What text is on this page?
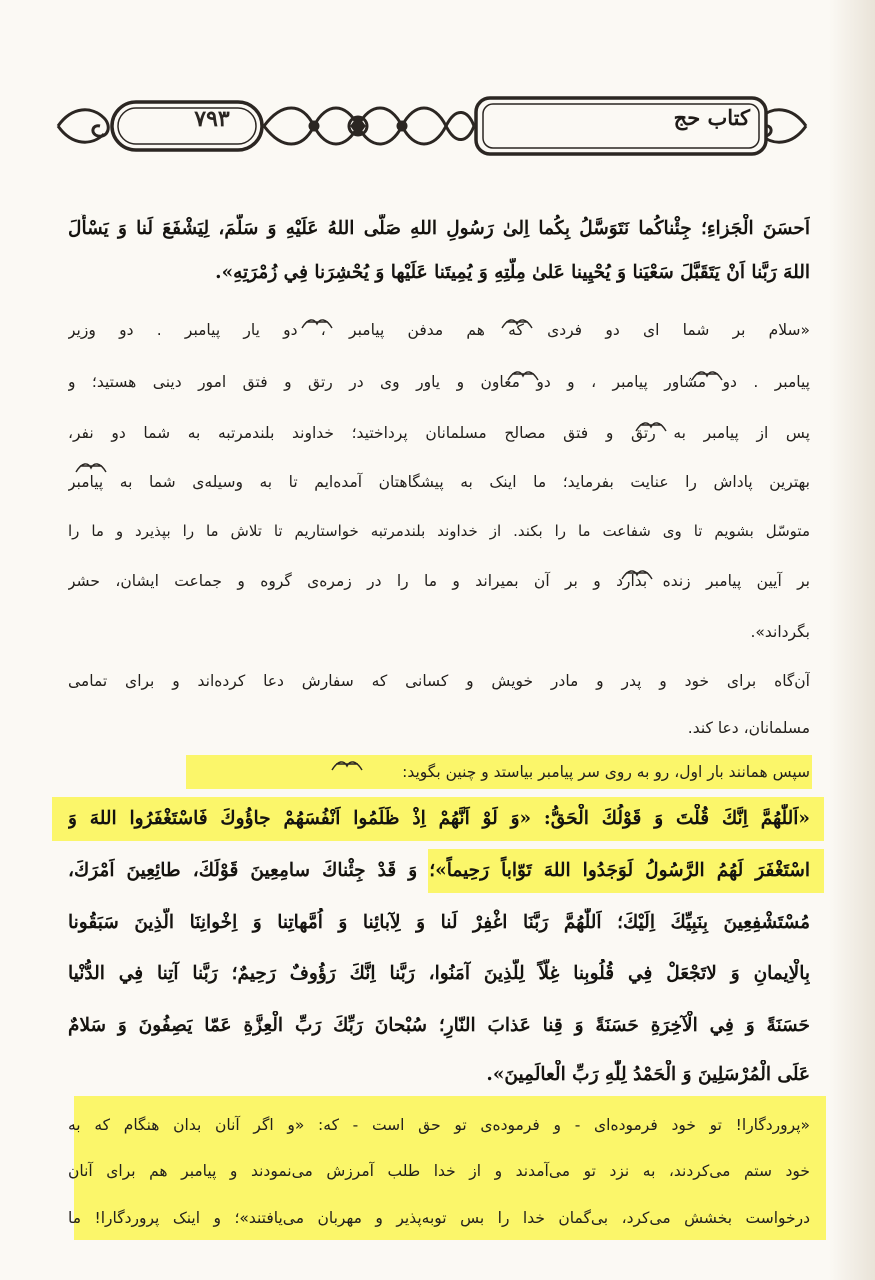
۷۹۳	کتاب حج
اَحسَنَ الْجَزاءِ؛ جِئْناكُما نَتَوَسَّلُ بِكُما اِلىٰ رَسُولِ اللهِ صَلَّى اللهُ عَلَيْهِ وَ سَلَّمَ، لِيَشْفَعَ لَنا وَ يَسْأَلَ
اللهَ رَبَّنا اَنْ يَتَقَبَّلَ سَعْيَنا وَ يُحْيِينا عَلىٰ مِلَّتِهِ وَ يُمِيتَنا عَلَيْها وَ يُحْشِرَنا فِي زُمْرَتِهِ».
«سلام بر شما ای دو فردی که هم مدفن پیامبر ، دو یار پیامبر . دو وزیر
پیامبر . دو مشاور پیامبر ، و دو معاون و یاور وی در رتق و فتق امور دینی هستید؛ و
پس از پیامبر به رتق و فتق مصالح مسلمانان پرداختید؛ خداوند بلندمرتبه به شما دو نفر،
بهترین پاداش را عنایت بفرماید؛ ما اینک به پیشگاهتان آمده‌ایم تا به وسیله‌ی شما به پیامبر
متوسّل بشویم تا وی شفاعت ما را بکند. از خداوند بلندمرتبه خواستاریم تا تلاش ما را بپذیرد و ما را
بر آیین پیامبر زنده بدارد و بر آن بمیراند و ما را در زمره‌ی گروه و جماعت ایشان، حشر
بگرداند».
آن‌گاه برای خود و پدر و مادر خویش و کسانی که سفارش دعا کرده‌اند و برای تمامی
مسلمانان، دعا کند.
سپس همانند بار اول، رو به روی سر پیامبر بیاستد و چنین بگوید:
«اَللّٰهُمَّ اِنَّكَ قُلْتَ وَ قَوْلُكَ الْحَقُّ: «وَ لَوْ اَنَّهُمْ اِذْ ظَلَمُوا اَنْفُسَهُمْ جاؤُوكَ فَاسْتَغْفَرُوا اللهَ وَ
اسْتَغْفَرَ لَهُمُ الرَّسُولُ لَوَجَدُوا اللهَ تَوّاباً رَحِيماً»؛ وَ قَدْ جِئْناكَ سامِعِينَ قَوْلَكَ، طائِعِينَ اَمْرَكَ،
مُسْتَشْفِعِينَ بِنَبِيِّكَ اِلَيْكَ؛ اَللّٰهُمَّ رَبَّنَا اغْفِرْ لَنا وَ لِآبائِنا وَ اُمَّهاتِنا وَ اِخْوانِنَا الَّذِينَ سَبَقُونا
بِالْاِيمانِ وَ لاتَجْعَلْ فِي قُلُوبِنا غِلّاً لِلَّذِينَ آمَنُوا، رَبَّنا اِنَّكَ رَؤُوفٌ رَحِيمٌ؛ رَبَّنا آتِنا فِي الدُّنْيا
حَسَنَةً وَ فِي الْآخِرَةِ حَسَنَةً وَ قِنا عَذابَ النّارِ؛ سُبْحانَ رَبِّكَ رَبِّ الْعِزَّةِ عَمّا يَصِفُونَ وَ سَلامٌ
عَلَى الْمُرْسَلِينَ وَ الْحَمْدُ لِلّٰهِ رَبِّ الْعالَمِينَ».
«پروردگارا! تو خود فرموده‌ای - و فرموده‌ی تو حق است - که: «و اگر آنان بدان هنگام که به
خود ستم می‌کردند، به نزد تو می‌آمدند و از خدا طلب آمرزش می‌نمودند و پیامبر هم برای آنان
درخواست بخشش می‌کرد، بی‌گمان خدا را بس توبه‌پذیر و مهربان می‌یافتند»؛ و اینک پروردگارا! ما
